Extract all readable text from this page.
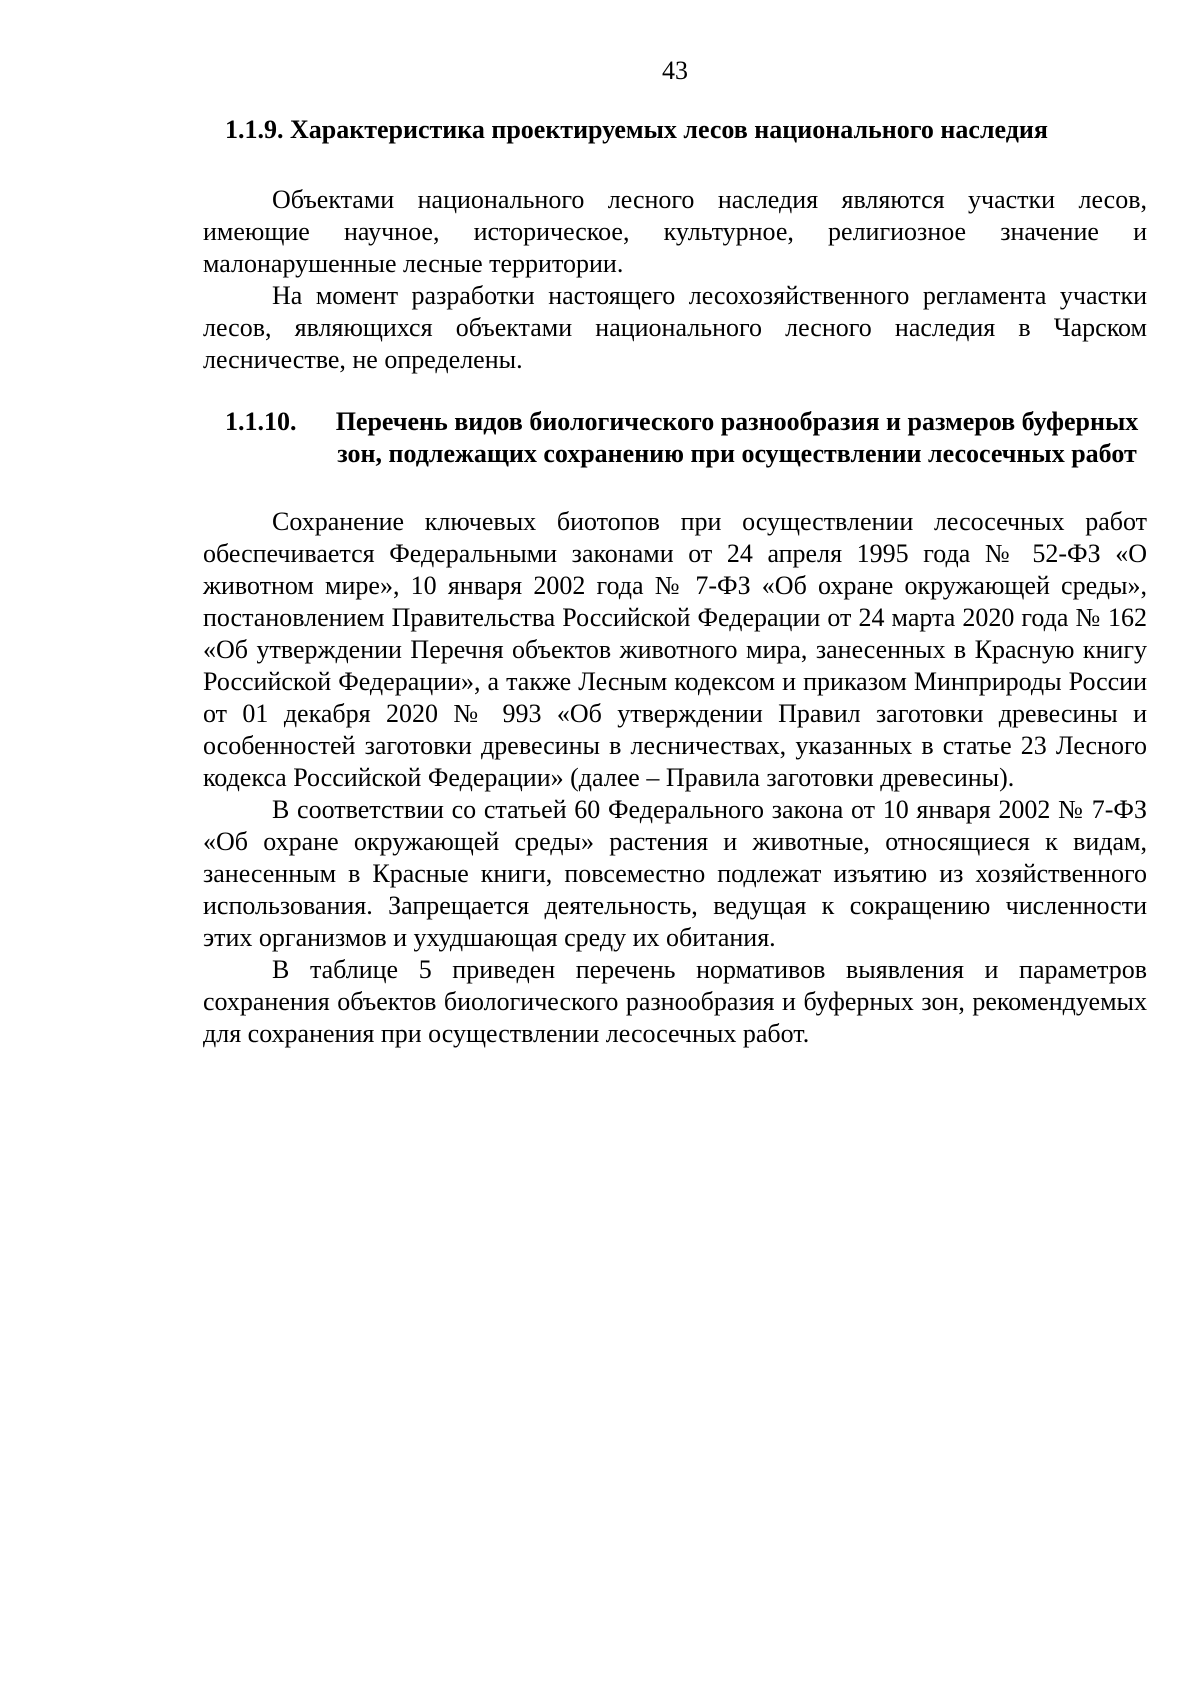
43
1.1.9. Характеристика проектируемых лесов национального наследия

Объектами национального лесного наследия являются участки лесов, имеющие научное, историческое, культурное, религиозное значение и малонарушенные лесные территории.

На момент разработки настоящего лесохозяйственного регламента участки лесов, являющихся объектами национального лесного наследия в Чарском лесничестве, не определены.

1.1.10.	Перечень видов биологического разнообразия и размеров буферных зон, подлежащих сохранению при осуществлении лесосечных работ

Сохранение ключевых биотопов при осуществлении лесосечных работ обеспечивается Федеральными законами от 24 апреля 1995 года № 52-ФЗ «О животном мире», 10 января 2002 года № 7-ФЗ «Об охране окружающей среды», постановлением Правительства Российской Федерации от 24 марта 2020 года № 162 «Об утверждении Перечня объектов животного мира, занесенных в Красную книгу Российской Федерации», а также Лесным кодексом и приказом Минприроды России от 01 декабря 2020 № 993 «Об утверждении Правил заготовки древесины и особенностей заготовки древесины в лесничествах, указанных в статье 23 Лесного кодекса Российской Федерации» (далее – Правила заготовки древесины).

В соответствии со статьей 60 Федерального закона от 10 января 2002 № 7-ФЗ «Об охране окружающей среды» растения и животные, относящиеся к видам, занесенным в Красные книги, повсеместно подлежат изъятию из хозяйственного использования. Запрещается деятельность, ведущая к сокращению численности этих организмов и ухудшающая среду их обитания.

В таблице 5 приведен перечень нормативов выявления и параметров сохранения объектов биологического разнообразия и буферных зон, рекомендуемых для сохранения при осуществлении лесосечных работ.
